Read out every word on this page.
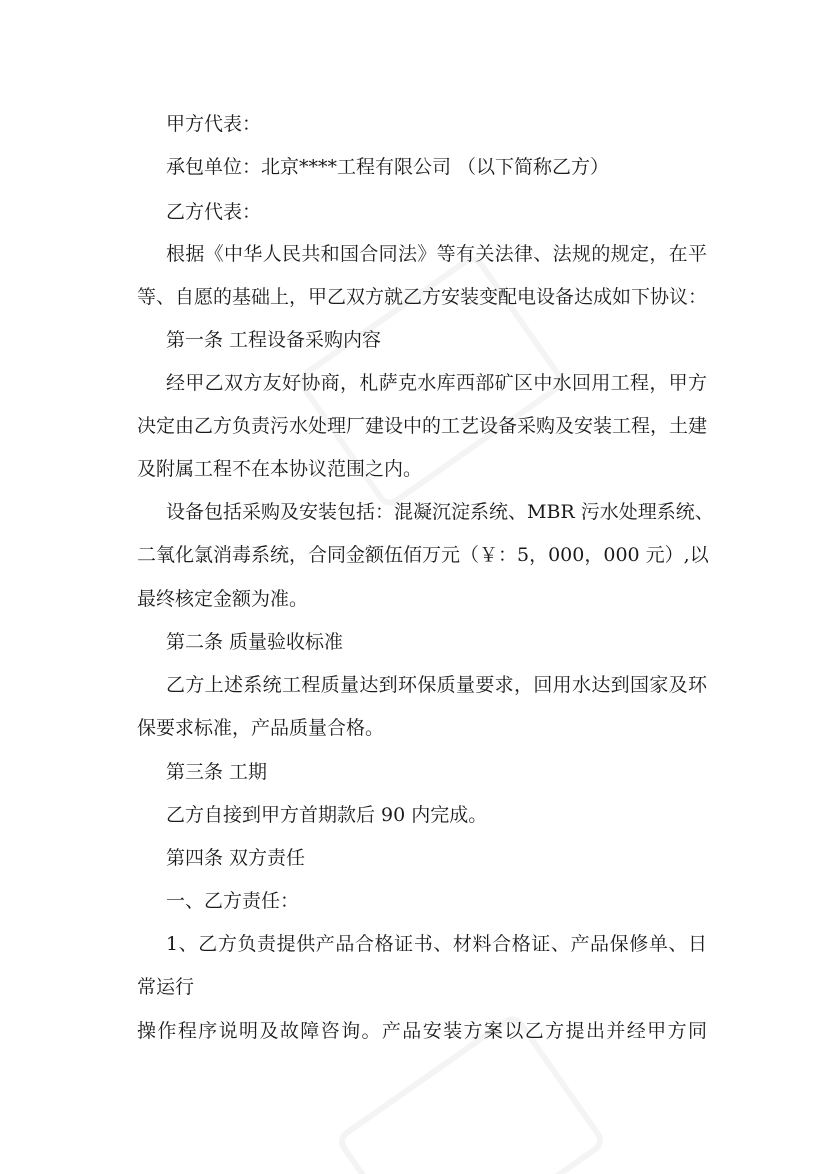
甲方代表：
承包单位：北京****工程有限公司 （以下简称乙方）
乙方代表：
根据《中华人民共和国合同法》等有关法律、法规的规定，在平
等、自愿的基础上，甲乙双方就乙方安装变配电设备达成如下协议：
第一条 工程设备采购内容
经甲乙双方友好协商，札萨克水库西部矿区中水回用工程，甲方
决定由乙方负责污水处理厂建设中的工艺设备采购及安装工程，土建
及附属工程不在本协议范围之内。
设备包括采购及安装包括：混凝沉淀系统、MBR 污水处理系统、
二氧化氯消毒系统，合同金额伍佰万元（￥：5，000，000 元）,以
最终核定金额为准。
第二条 质量验收标准
乙方上述系统工程质量达到环保质量要求，回用水达到国家及环
保要求标准，产品质量合格。
第三条 工期
乙方自接到甲方首期款后 90 内完成。
第四条 双方责任
一、乙方责任：
1、乙方负责提供产品合格证书、材料合格证、产品保修单、日
常运行
操作程序说明及故障咨询。产品安装方案以乙方提出并经甲方同
